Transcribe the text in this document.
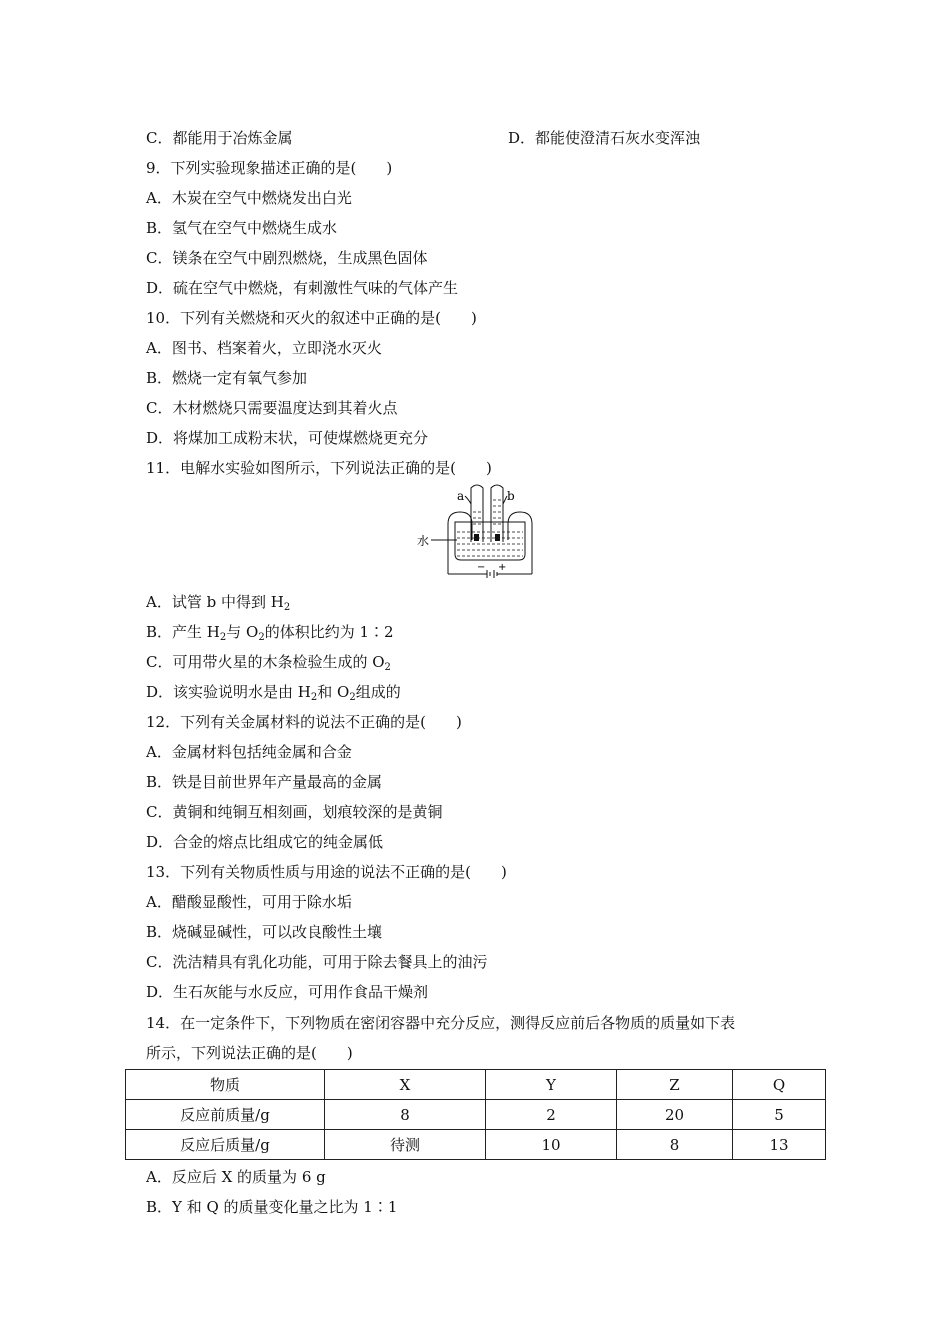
C．都能用于冶炼金属	D．都能使澄清石灰水变浑浊
9．下列实验现象描述正确的是(　　)
A．木炭在空气中燃烧发出白光
B．氢气在空气中燃烧生成水
C．镁条在空气中剧烈燃烧，生成黑色固体
D．硫在空气中燃烧，有刺激性气味的气体产生
10．下列有关燃烧和灭火的叙述中正确的是(　　)
A．图书、档案着火，立即浇水灭火
B．燃烧一定有氧气参加
C．木材燃烧只需要温度达到其着火点
D．将煤加工成粉末状，可使煤燃烧更充分
11．电解水实验如图所示，下列说法正确的是(　　)
a	b
水
− +
A．试管 b 中得到 $H_2$
B．产生 $H_2$与 $O_2$的体积比约为 1∶2
C．可用带火星的木条检验生成的 $O_2$
D．该实验说明水是由 $H_2$和 $O_2$组成的
12．下列有关金属材料的说法不正确的是(　　)
A．金属材料包括纯金属和合金
B．铁是目前世界年产量最高的金属
C．黄铜和纯铜互相刻画，划痕较深的是黄铜
D．合金的熔点比组成它的纯金属低
13．下列有关物质性质与用途的说法不正确的是(　　)
A．醋酸显酸性，可用于除水垢
B．烧碱显碱性，可以改良酸性土壤
C．洗洁精具有乳化功能，可用于除去餐具上的油污
D．生石灰能与水反应，可用作食品干燥剂
14．在一定条件下，下列物质在密闭容器中充分反应，测得反应前后各物质的质量如下表
所示，下列说法正确的是(　　)
物质	X	Y	Z	Q
反应前质量/g	8	2	20	5
反应后质量/g	待测	10	8	13
A．反应后 X 的质量为 6 g
B．Y 和 Q 的质量变化量之比为 1∶1
